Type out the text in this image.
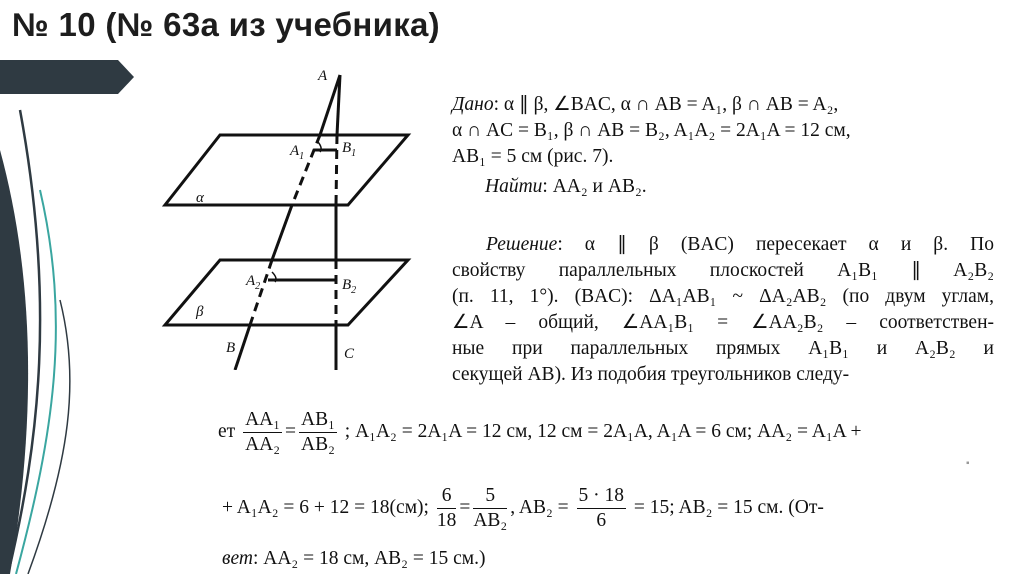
№ 10 (№ 63а из учебника)
A
$A_1$
$B_1$
α
$A_2$	$B_2$
β
B	C
Дано: α ∥ β, ∠BAC, α ∩ AB = A₁, β ∩ AB = A₂,
α ∩ AC = B₁, β ∩ AB = B₂, A₁A₂ = 2A₁A = 12 см,
AB₁ = 5 см (рис. 7).
Найти: AA₂ и AB₂.
Решение: α ∥ β (BAC) пересекает α и β. По
свойству параллельных плоскостей A₁B₁ ∥ A₂B₂
(п. 11, 1°). (BAC): ΔA₁AB₁ ~ ΔA₂AB₂ (по двум углам,
∠A – общий, ∠AA₁B₁ = ∠AA₂B₂ – соответствен-
ные при параллельных прямых A₁B₁ и A₂B₂ и
секущей AB). Из подобия треугольников следу-
ет $\frac{\text{AA₁}}{\text{AA₂}} = \frac{\text{AB₁}}{\text{AB₂}}$ ; A₁A₂ = 2A₁A = 12 см, 12 см = 2A₁A, A₁A = 6 см; AA₂ = A₁A +
▪
+ A₁A₂ = 6 + 12 = 18(см); $\frac{6}{18} = \frac{5}{\text{AB₂}}$ , $AB_2 = \frac{5 \cdot 18}{6} = 15$; AB₂ = 15 см. (От-
вет: AA₂ = 18 см, AB₂ = 15 см.)
